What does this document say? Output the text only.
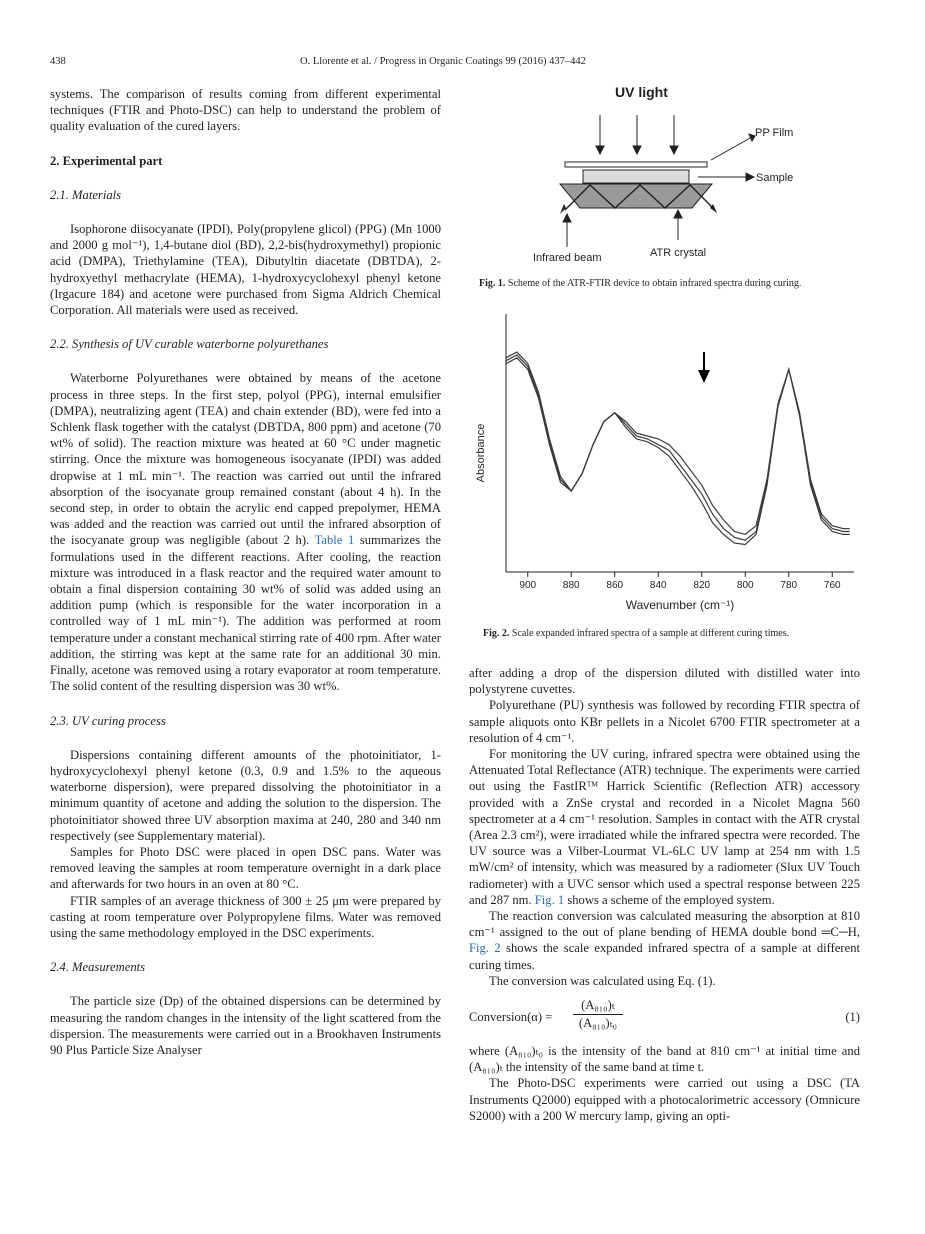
438	O. Llorente et al. / Progress in Organic Coatings 99 (2016) 437–442

systems. The comparison of results coming from different experimental techniques (FTIR and Photo-DSC) can help to understand the problem of quality evaluation of the cured layers.

2. Experimental part

2.1. Materials

Isophorone diisocyanate (IPDI), Poly(propylene glicol) (PPG) (Mn 1000 and 2000 g mol⁻¹), 1,4-butane diol (BD), 2,2-bis(hydroxymethyl) propionic acid (DMPA), Triethylamine (TEA), Dibutyltin diacetate (DBTDA), 2-hydroxyethyl methacrylate (HEMA), 1-hydroxycyclohexyl phenyl ketone (Irgacure 184) and acetone were purchased from Sigma Aldrich Chemical Corporation. All materials were used as received.

2.2. Synthesis of UV curable waterborne polyurethanes

Waterborne Polyurethanes were obtained by means of the acetone process in three steps. In the first step, polyol (PPG), internal emulsifier (DMPA), neutralizing agent (TEA) and chain extender (BD), were fed into a Schlenk flask together with the catalyst (DBTDA, 800 ppm) and acetone (70 wt% of solid). The reaction mixture was heated at 60 °C under magnetic stirring. Once the mixture was homogeneous isocyanate (IPDI) was added dropwise at 1 mL min⁻¹. The reaction was carried out until the infrared absorption of the isocyanate group remained constant (about 4 h). In the second step, in order to obtain the acrylic end capped prepolymer, HEMA was added and the reaction was carried out until the infrared absorption of the isocyanate group was negligible (about 2 h). Table 1 summarizes the formulations used in the different reactions. After cooling, the reaction mixture was introduced in a flask reactor and the required water amount to obtain a final dispersion containing 30 wt% of solid was added using an addition pump (which is responsible for the water incorporation in a controlled way of 1 mL min⁻¹). The addition was performed at room temperature under a constant mechanical stirring rate of 400 rpm. After water addition, the stirring was kept at the same rate for an additional 30 min. Finally, acetone was removed using a rotary evaporator at room temperature. The solid content of the resulting dispersion was 30 wt%.

2.3. UV curing process

Dispersions containing different amounts of the photoinitiator, 1-hydroxycyclohexyl phenyl ketone (0.3, 0.9 and 1.5% to the aqueous waterborne dispersion), were prepared dissolving the photoinitiator in a minimum quantity of acetone and adding the solution to the dispersion. The photoinitiator showed three UV absorption maxima at 240, 280 and 340 nm respectively (see Supplementary material).

Samples for Photo DSC were placed in open DSC pans. Water was removed leaving the samples at room temperature overnight in a dark place and afterwards for two hours in an oven at 80 °C.

FTIR samples of an average thickness of 300 ± 25 μm were prepared by casting at room temperature over Polypropylene films. Water was removed using the same methodology employed in the DSC experiments.

2.4. Measurements

The particle size (Dp) of the obtained dispersions can be determined by measuring the random changes in the intensity of the light scattered from the dispersion. The measurements were carried out in a Brookhaven Instruments 90 Plus Particle Size Analyser

UV light
PP Film
Sample
Infrared beam	ATR crystal
Fig. 1. Scheme of the ATR-FTIR device to obtain infrared spectra during curing.
900	880	860	840	820	800	780	760
Absorbance
Wavenumber (cm⁻¹)
Fig. 2. Scale expanded infrared spectra of a sample at different curing times.

after adding a drop of the dispersion diluted with distilled water into polystyrene cuvettes.

Polyurethane (PU) synthesis was followed by recording FTIR spectra of sample aliquots onto KBr pellets in a Nicolet 6700 FTIR spectrometer at a resolution of 4 cm⁻¹.

For monitoring the UV curing, infrared spectra were obtained using the Attenuated Total Reflectance (ATR) technique. The experiments were carried out using the FastIRᵀᴹ Harrick Scientific (Reflection ATR) accessory provided with a ZnSe crystal and recorded in a Nicolet Magna 560 spectrometer at a 4 cm⁻¹ resolution. Samples in contact with the ATR crystal (Area 2.3 cm²), were irradiated while the infrared spectra were recorded. The UV source was a Vilber-Lourmat VL-6LC UV lamp at 254 nm with 1.5 mW/cm² of intensity, which was measured by a radiometer (Slux UV Touch radiometer) with a UVC sensor which used a spectral response between 225 and 287 nm. Fig. 1 shows a scheme of the employed system.

The reaction conversion was calculated measuring the absorption at 810 cm⁻¹ assigned to the out of plane bending of HEMA double bond ═C─H, Fig. 2 shows the scale expanded infrared spectra of a sample at different curing times.

The conversion was calculated using Eq. (1).

Conversion(α) = $\frac{\text{(A₈₁₀)ₜ}}{\text{(A₈₁₀)ₜ₀}}$	(1)

where (A₈₁₀)ₜ₀ is the intensity of the band at 810 cm⁻¹ at initial time and (A₈₁₀)ₜ the intensity of the same band at time t.

The Photo-DSC experiments were carried out using a DSC (TA Instruments Q2000) equipped with a photocalorimetric accessory (Omnicure S2000) with a 200 W mercury lamp, giving an opti-
